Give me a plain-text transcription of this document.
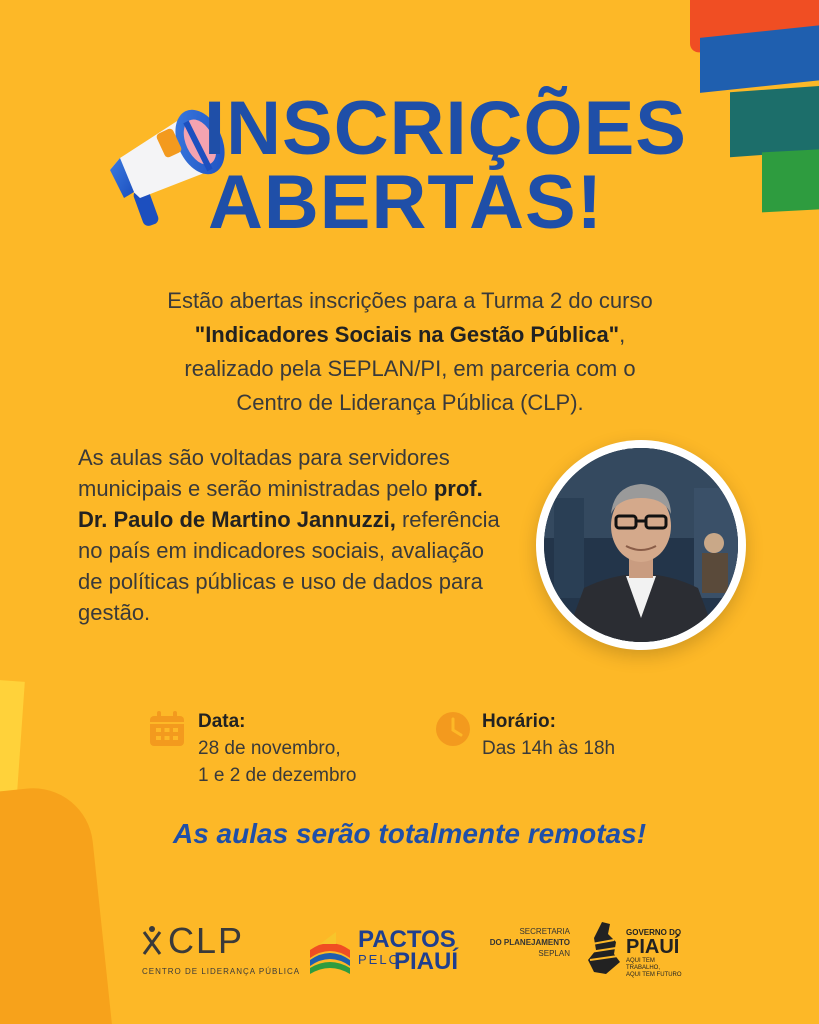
INSCRIÇÕES
ABERTAS!
Estão abertas inscrições para a Turma 2 do curso
"Indicadores Sociais na Gestão Pública",
realizado pela SEPLAN/PI, em parceria com o
Centro de Liderança Pública (CLP).
As aulas são voltadas para servidores municipais e serão ministradas pelo prof. Dr. Paulo de Martino Jannuzzi, referência no país em indicadores sociais, avaliação de políticas públicas e uso de dados para gestão.
Data:
28 de novembro,
1 e 2 de dezembro
Horário:
Das 14h às 18h
As aulas serão totalmente remotas!
CLP
CENTRO DE LIDERANÇA PÚBLICA
PACTOS
PELO
PIAUÍ
SECRETARIA
DO PLANEJAMENTO
SEPLAN
GOVERNO DO
PIAUÍ
AQUI TEM TRABALHO,
AQUI TEM FUTURO
